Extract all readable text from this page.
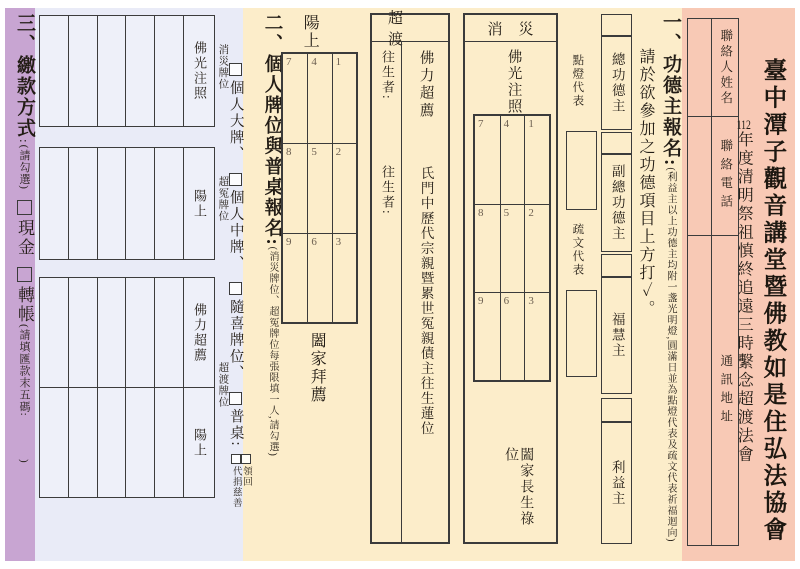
三、繳款方式:(請勾選)現金轉帳(請填匯款末五碼:)
佛光注照
陽上
佛力超薦
陽上
消災牌位
超冤牌位
超渡牌位
二、個人牌位與普桌報名:(消災牌位、超冤牌位每張限填一人,請勾選)
個人大牌、個人中牌、隨喜牌位、普桌:
領回
代捐慈善
陽上
7 4 1
8 5 2
9 6 3
闔家拜薦
超渡
往生者:往生者:
佛力超薦氏門中歷代宗親暨累世冤親債主往生蓮位
消災
佛光注照
7 4 1
8 5 2
9 6 3
闔家長生祿位
點燈代表
疏文代表
總功德主
副總功德主
福慧主
利益主
一、功德主報名:(利益主以上功德主均附一盞光明燈,圓滿日並為點燈代表及疏文代表祈福迴向)
請於欲參加之功德項目上方打✓。	聯絡人姓名
聯絡電話
通訊地址
112年度清明祭祖慎終追遠三時繫念超渡法會 臺中潭子觀音講堂暨佛教如是住弘法協會
